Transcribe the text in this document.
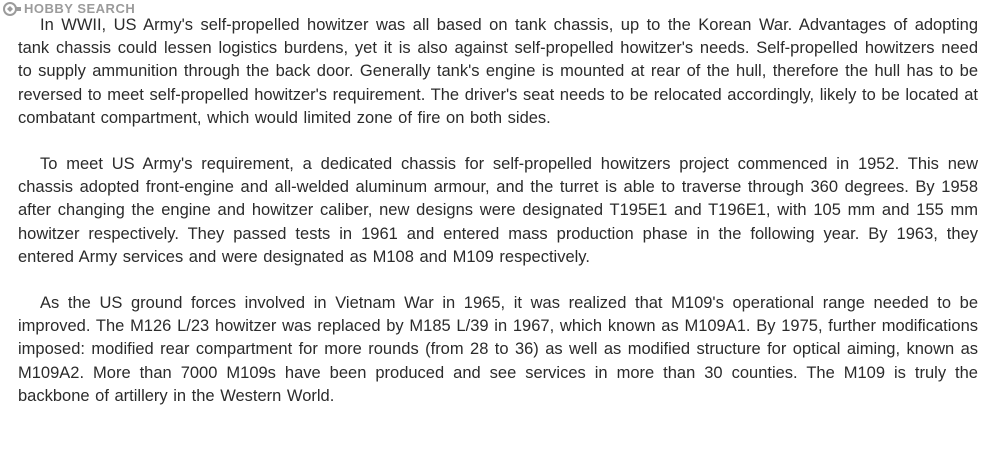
HOBBY SEARCH

In WWII, US Army's self-propelled howitzer was all based on tank chassis, up to the Korean War. Advantages of adopting tank chassis could lessen logistics burdens, yet it is also against self-propelled howitzer's needs. Self-propelled howitzers need to supply ammunition through the back door. Generally tank's engine is mounted at rear of the hull, therefore the hull has to be reversed to meet self-propelled howitzer's requirement. The driver's seat needs to be relocated accordingly, likely to be located at combatant compartment, which would limited zone of fire on both sides.

To meet US Army's requirement, a dedicated chassis for self-propelled howitzers project commenced in 1952. This new chassis adopted front-engine and all-welded aluminum armour, and the turret is able to traverse through 360 degrees. By 1958 after changing the engine and howitzer caliber, new designs were designated T195E1 and T196E1, with 105 mm and 155 mm howitzer respectively. They passed tests in 1961 and entered mass production phase in the following year. By 1963, they entered Army services and were designated as M108 and M109 respectively.

As the US ground forces involved in Vietnam War in 1965, it was realized that M109's operational range needed to be improved. The M126 L/23 howitzer was replaced by M185 L/39 in 1967, which known as M109A1. By 1975, further modifications imposed: modified rear compartment for more rounds (from 28 to 36) as well as modified structure for optical aiming, known as M109A2. More than 7000 M109s have been produced and see services in more than 30 counties. The M109 is truly the backbone of artillery in the Western World.
